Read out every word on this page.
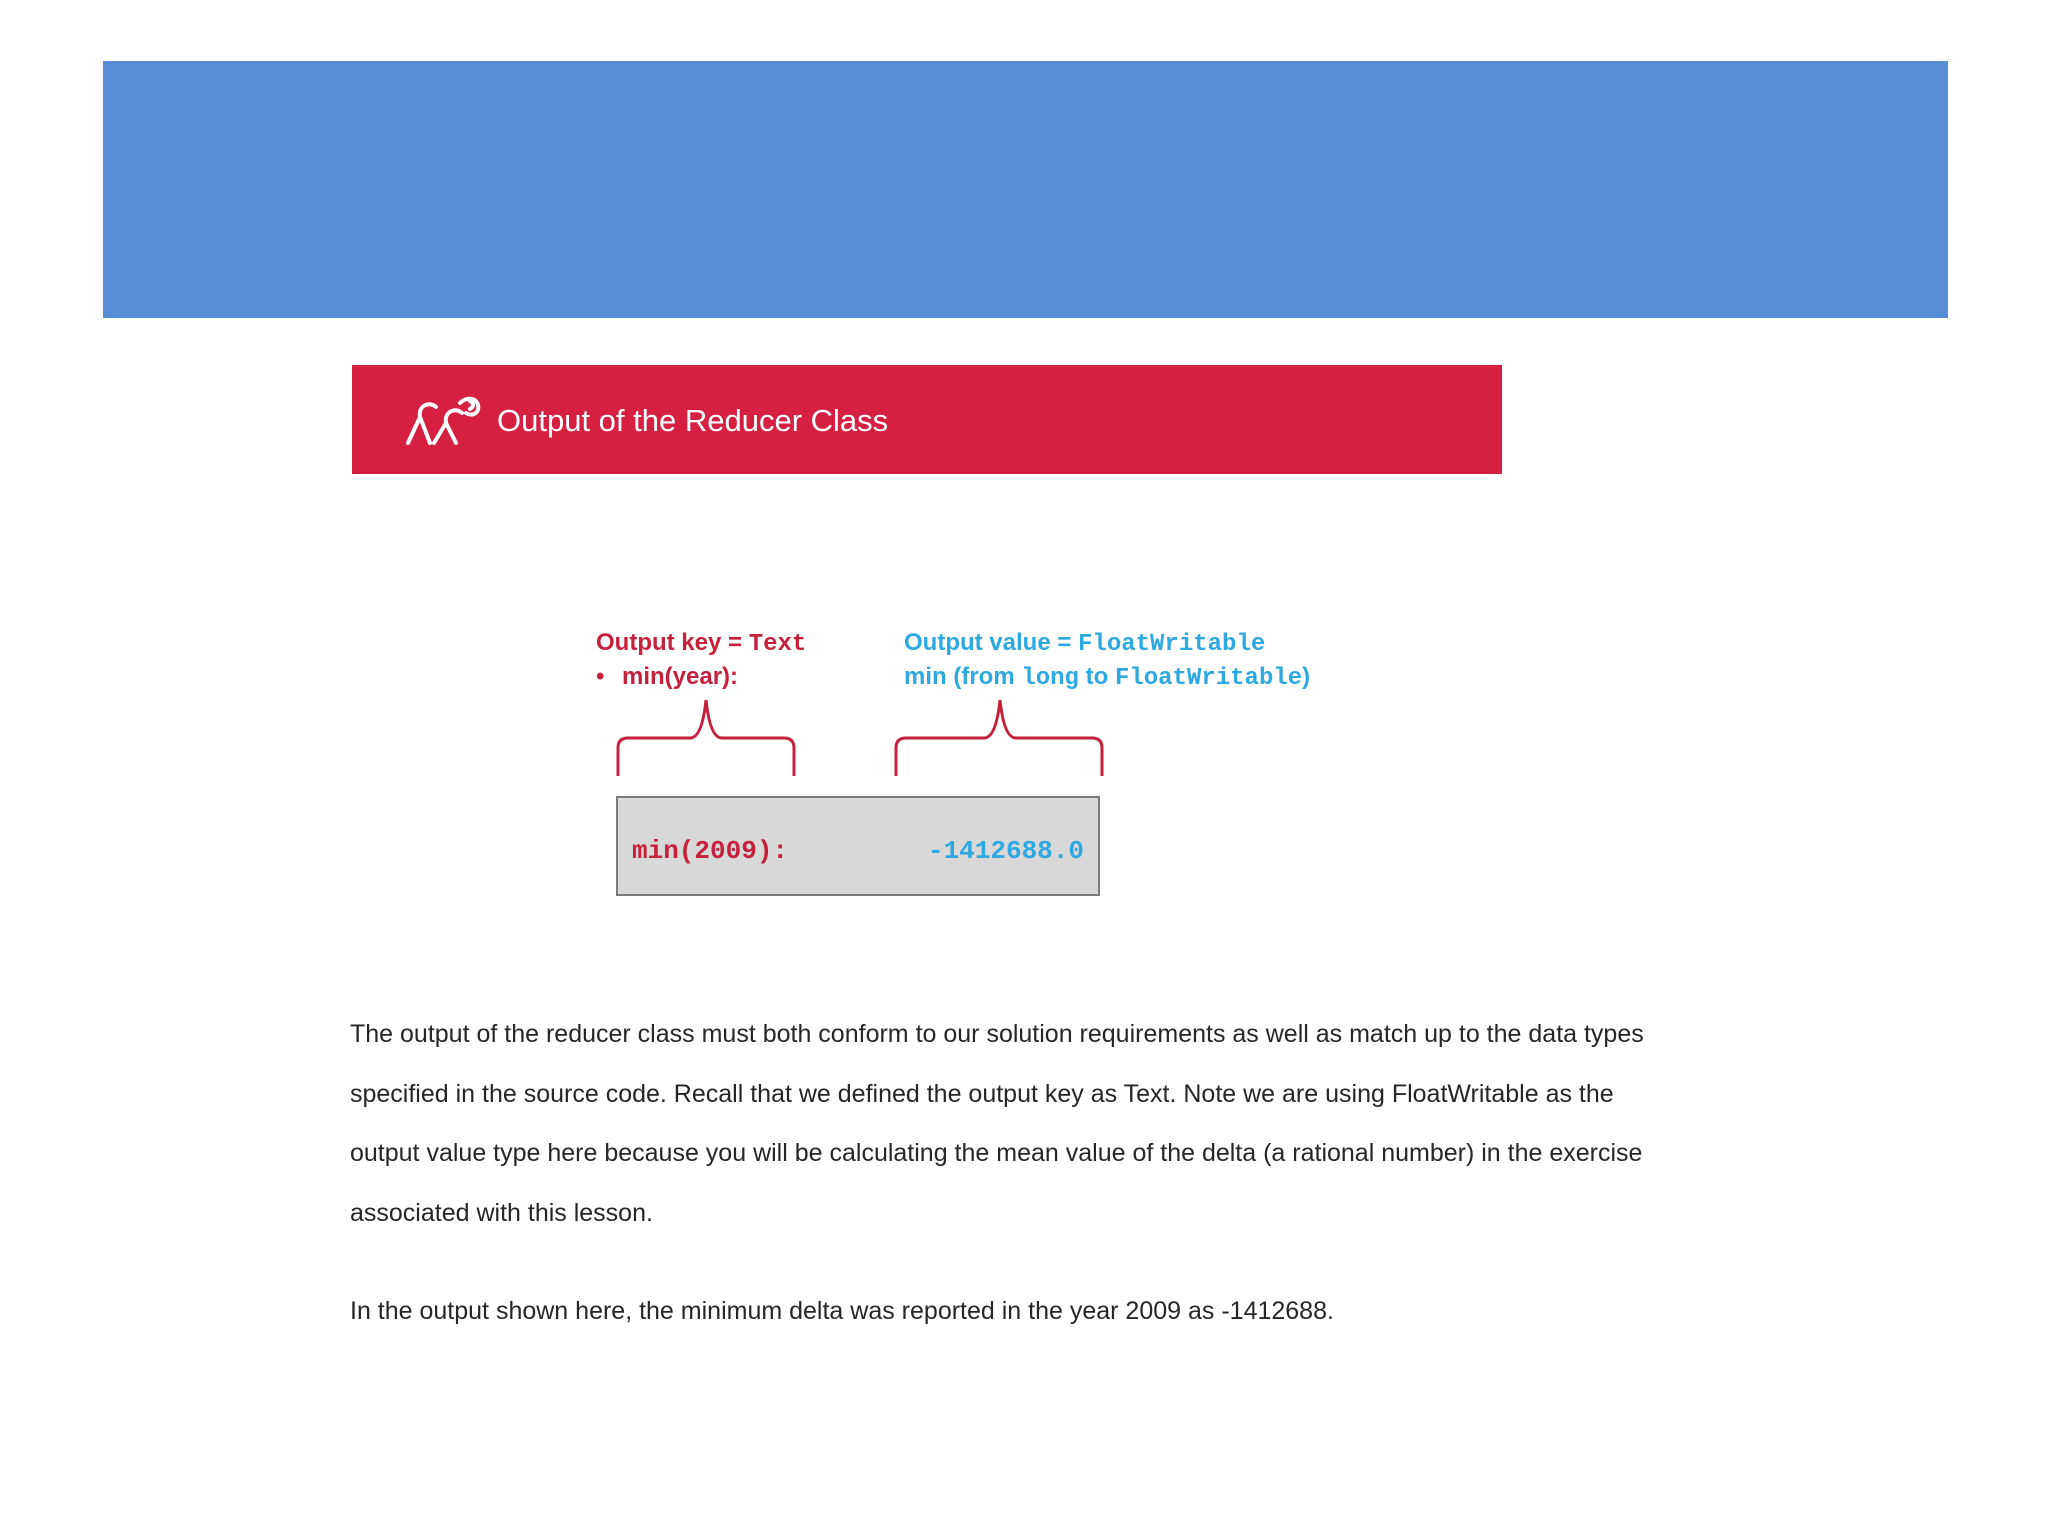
Output of the Reducer Class
Output key = Text
• min(year):
Output value = FloatWritable
min (from long to FloatWritable)
min(2009):	-1412688.0
The output of the reducer class must both conform to our solution requirements as well as match up to the data types specified in the source code. Recall that we defined the output key as Text. Note we are using FloatWritable as the output value type here because you will be calculating the mean value of the delta (a rational number) in the exercise associated with this lesson.
In the output shown here, the minimum delta was reported in the year 2009 as -1412688.
